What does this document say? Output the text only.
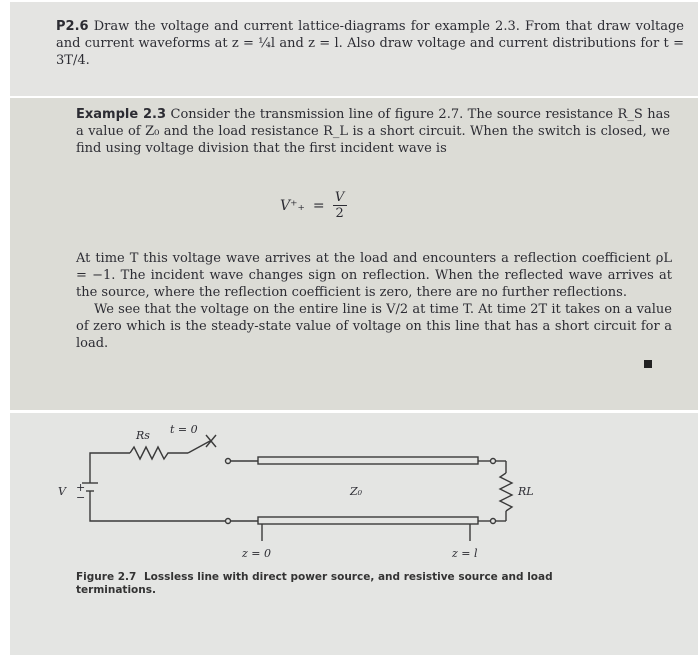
P2.6 Draw the voltage and current lattice-diagrams for example 2.3. From that draw voltage and current waveforms at z = ¼l and z = l. Also draw voltage and current distributions for t = 3T/4.

Example 2.3 Consider the transmission line of figure 2.7. The source resistance R_S has a value of Z₀ and the load resistance R_L is a short circuit. When the switch is closed, we find using voltage division that the first incident wave is

$V^+_+ = \frac{V}{2}$

At time T this voltage wave arrives at the load and encounters a reflection coefficient ρL = −1. The incident wave changes sign on reflection. When the reflected wave arrives at the source, where the reflection coefficient is zero, there are no further reflections.

We see that the voltage on the entire line is V/2 at time T. At time 2T it takes on a value of zero which is the steady-state value of voltage on this line that has a short circuit for a load.

+
−
V
Rs t = 0
Z₀	RL
z = 0	z = l
Figure 2.7 Lossless line with direct power source, and resistive source and load terminations.
